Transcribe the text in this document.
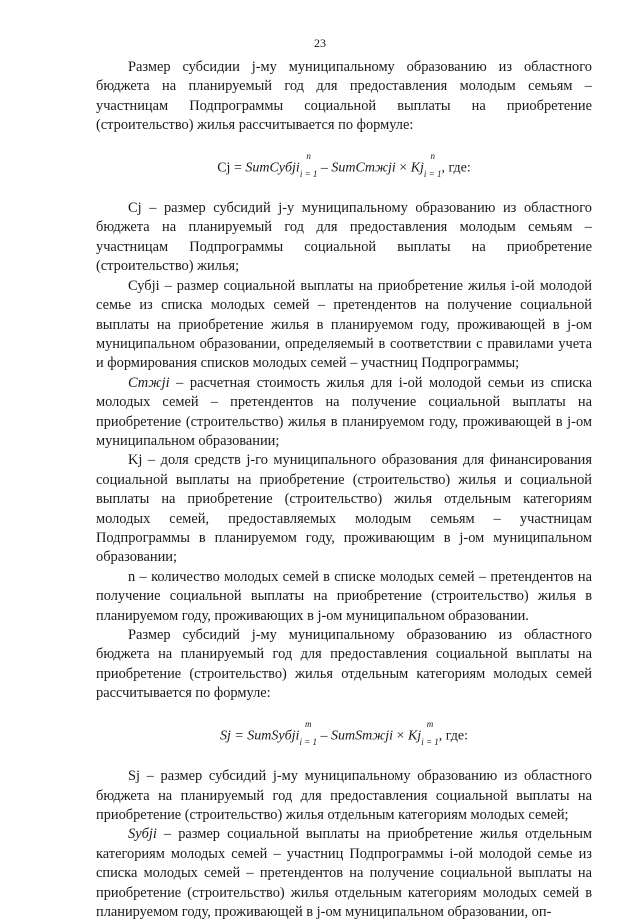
23

Размер субсидии j-му муниципальному образованию из областного бюджета на планируемый год для предоставления молодым семьям – участницам Подпрограммы социальной выплаты на приобретение (строительство) жилья рассчитывается по формуле:

Cj = SumCyбji$^n$
$_{i = 1}$ – SumCmжji × $Kj^n$
$_{i = 1}$, где:

Cj – размер субсидий j-у муниципальному образованию из областного бюджета на планируемый год для предоставления молодым семьям – участницам Подпрограммы социальной выплаты на приобретение (строительство) жилья;

Субji – размер социальной выплаты на приобретение жилья i-ой молодой семье из списка молодых семей – претендентов на получение социальной выплаты на приобретение жилья в планируемом году, проживающей в j-ом муниципальном образовании, определяемый в соответствии с правилами учета и формирования списков молодых семей – участниц Подпрограммы;

Стжji – расчетная стоимость жилья для i-ой молодой семьи из списка молодых семей – претендентов на получение социальной выплаты на приобретение (строительство) жилья в планируемом году, проживающей в j-ом муниципальном образовании;

Kj – доля средств j-го муниципального образования для финансирования социальной выплаты на приобретение (строительство) жилья и социальной выплаты на приобретение (строительство) жилья отдельным категориям молодых семей, предоставляемых молодым семьям – участницам Подпрограммы в планируемом году, проживающим в j-ом муниципальном образовании;

n – количество молодых семей в списке молодых семей – претендентов на получение социальной выплаты на приобретение (строительство) жилья в планируемом году, проживающих в j-ом муниципальном образовании.

Размер субсидий j-му муниципальному образованию из областного бюджета на планируемый год для предоставления социальной выплаты на приобретение (строительство) жилья отдельным категориям молодых семей рассчитывается по формуле:

Sj = SumSyбji$^m$
$_{i = 1}$ – SumSmжji × $Kj^m$
$_{i = 1}$, где:

Sj – размер субсидий j-му муниципальному образованию из областного бюджета на планируемый год для предоставления социальной выплаты на приобретение (строительство) жилья отдельным категориям молодых семей;

Sубji – размер социальной выплаты на приобретение жилья отдельным категориям молодых семей – участниц Подпрограммы i-ой молодой семье из списка молодых семей – претендентов на получение социальной выплаты на приобретение (строительство) жилья отдельным категориям молодых семей в планируемом году, проживающей в j-ом муниципальном образовании, оп-
